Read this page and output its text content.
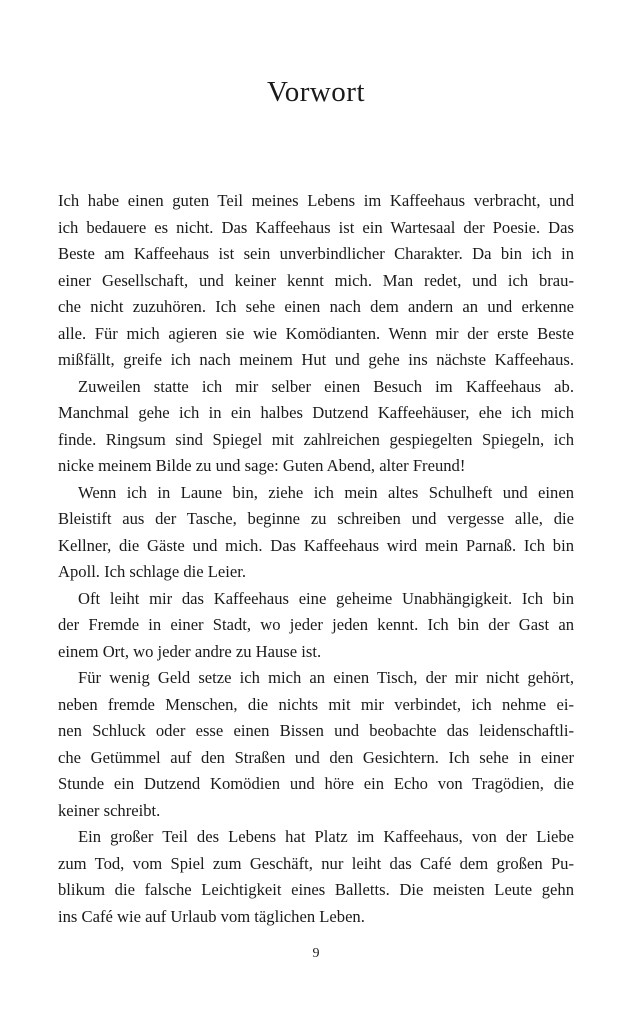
Vorwort
Ich habe einen guten Teil meines Lebens im Kaffeehaus verbracht, und
ich bedauere es nicht. Das Kaffeehaus ist ein Wartesaal der Poesie. Das
Beste am Kaffeehaus ist sein unverbindlicher Charakter. Da bin ich in
einer Gesellschaft, und keiner kennt mich. Man redet, und ich brau-
che nicht zuzuhören. Ich sehe einen nach dem andern an und erkenne
alle. Für mich agieren sie wie Komödianten. Wenn mir der erste Beste
mißfällt, greife ich nach meinem Hut und gehe ins nächste Kaffeehaus.
Zuweilen statte ich mir selber einen Besuch im Kaffeehaus ab.
Manchmal gehe ich in ein halbes Dutzend Kaffeehäuser, ehe ich mich
finde. Ringsum sind Spiegel mit zahlreichen gespiegelten Spiegeln, ich
nicke meinem Bilde zu und sage: Guten Abend, alter Freund!
Wenn ich in Laune bin, ziehe ich mein altes Schulheft und einen
Bleistift aus der Tasche, beginne zu schreiben und vergesse alle, die
Kellner, die Gäste und mich. Das Kaffeehaus wird mein Parnaß. Ich bin
Apoll. Ich schlage die Leier.
Oft leiht mir das Kaffeehaus eine geheime Unabhängigkeit. Ich bin
der Fremde in einer Stadt, wo jeder jeden kennt. Ich bin der Gast an
einem Ort, wo jeder andre zu Hause ist.
Für wenig Geld setze ich mich an einen Tisch, der mir nicht gehört,
neben fremde Menschen, die nichts mit mir verbindet, ich nehme ei-
nen Schluck oder esse einen Bissen und beobachte das leidenschaftli-
che Getümmel auf den Straßen und den Gesichtern. Ich sehe in einer
Stunde ein Dutzend Komödien und höre ein Echo von Tragödien, die
keiner schreibt.
Ein großer Teil des Lebens hat Platz im Kaffeehaus, von der Liebe
zum Tod, vom Spiel zum Geschäft, nur leiht das Café dem großen Pu-
blikum die falsche Leichtigkeit eines Balletts. Die meisten Leute gehn
ins Café wie auf Urlaub vom täglichen Leben.
9
